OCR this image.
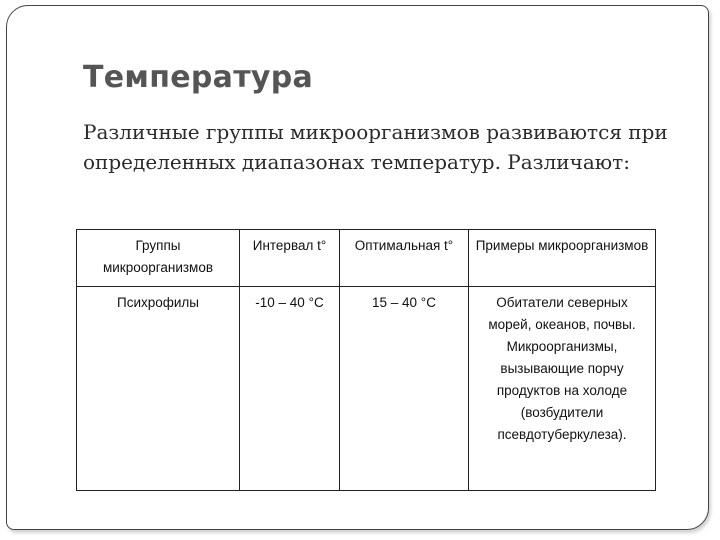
Температура
Различные группы микроорганизмов развиваются при определенных диапазонах температур. Различают:
Группы микроорганизмов	Интервал t°	Оптимальная t°	Примеры микроорганизмов
Психрофилы	-10 – 40 °C	15 – 40 °C	Обитатели северных морей, океанов, почвы. Микроорганизмы, вызывающие порчу продуктов на холоде (возбудители псевдотуберкулеза).
